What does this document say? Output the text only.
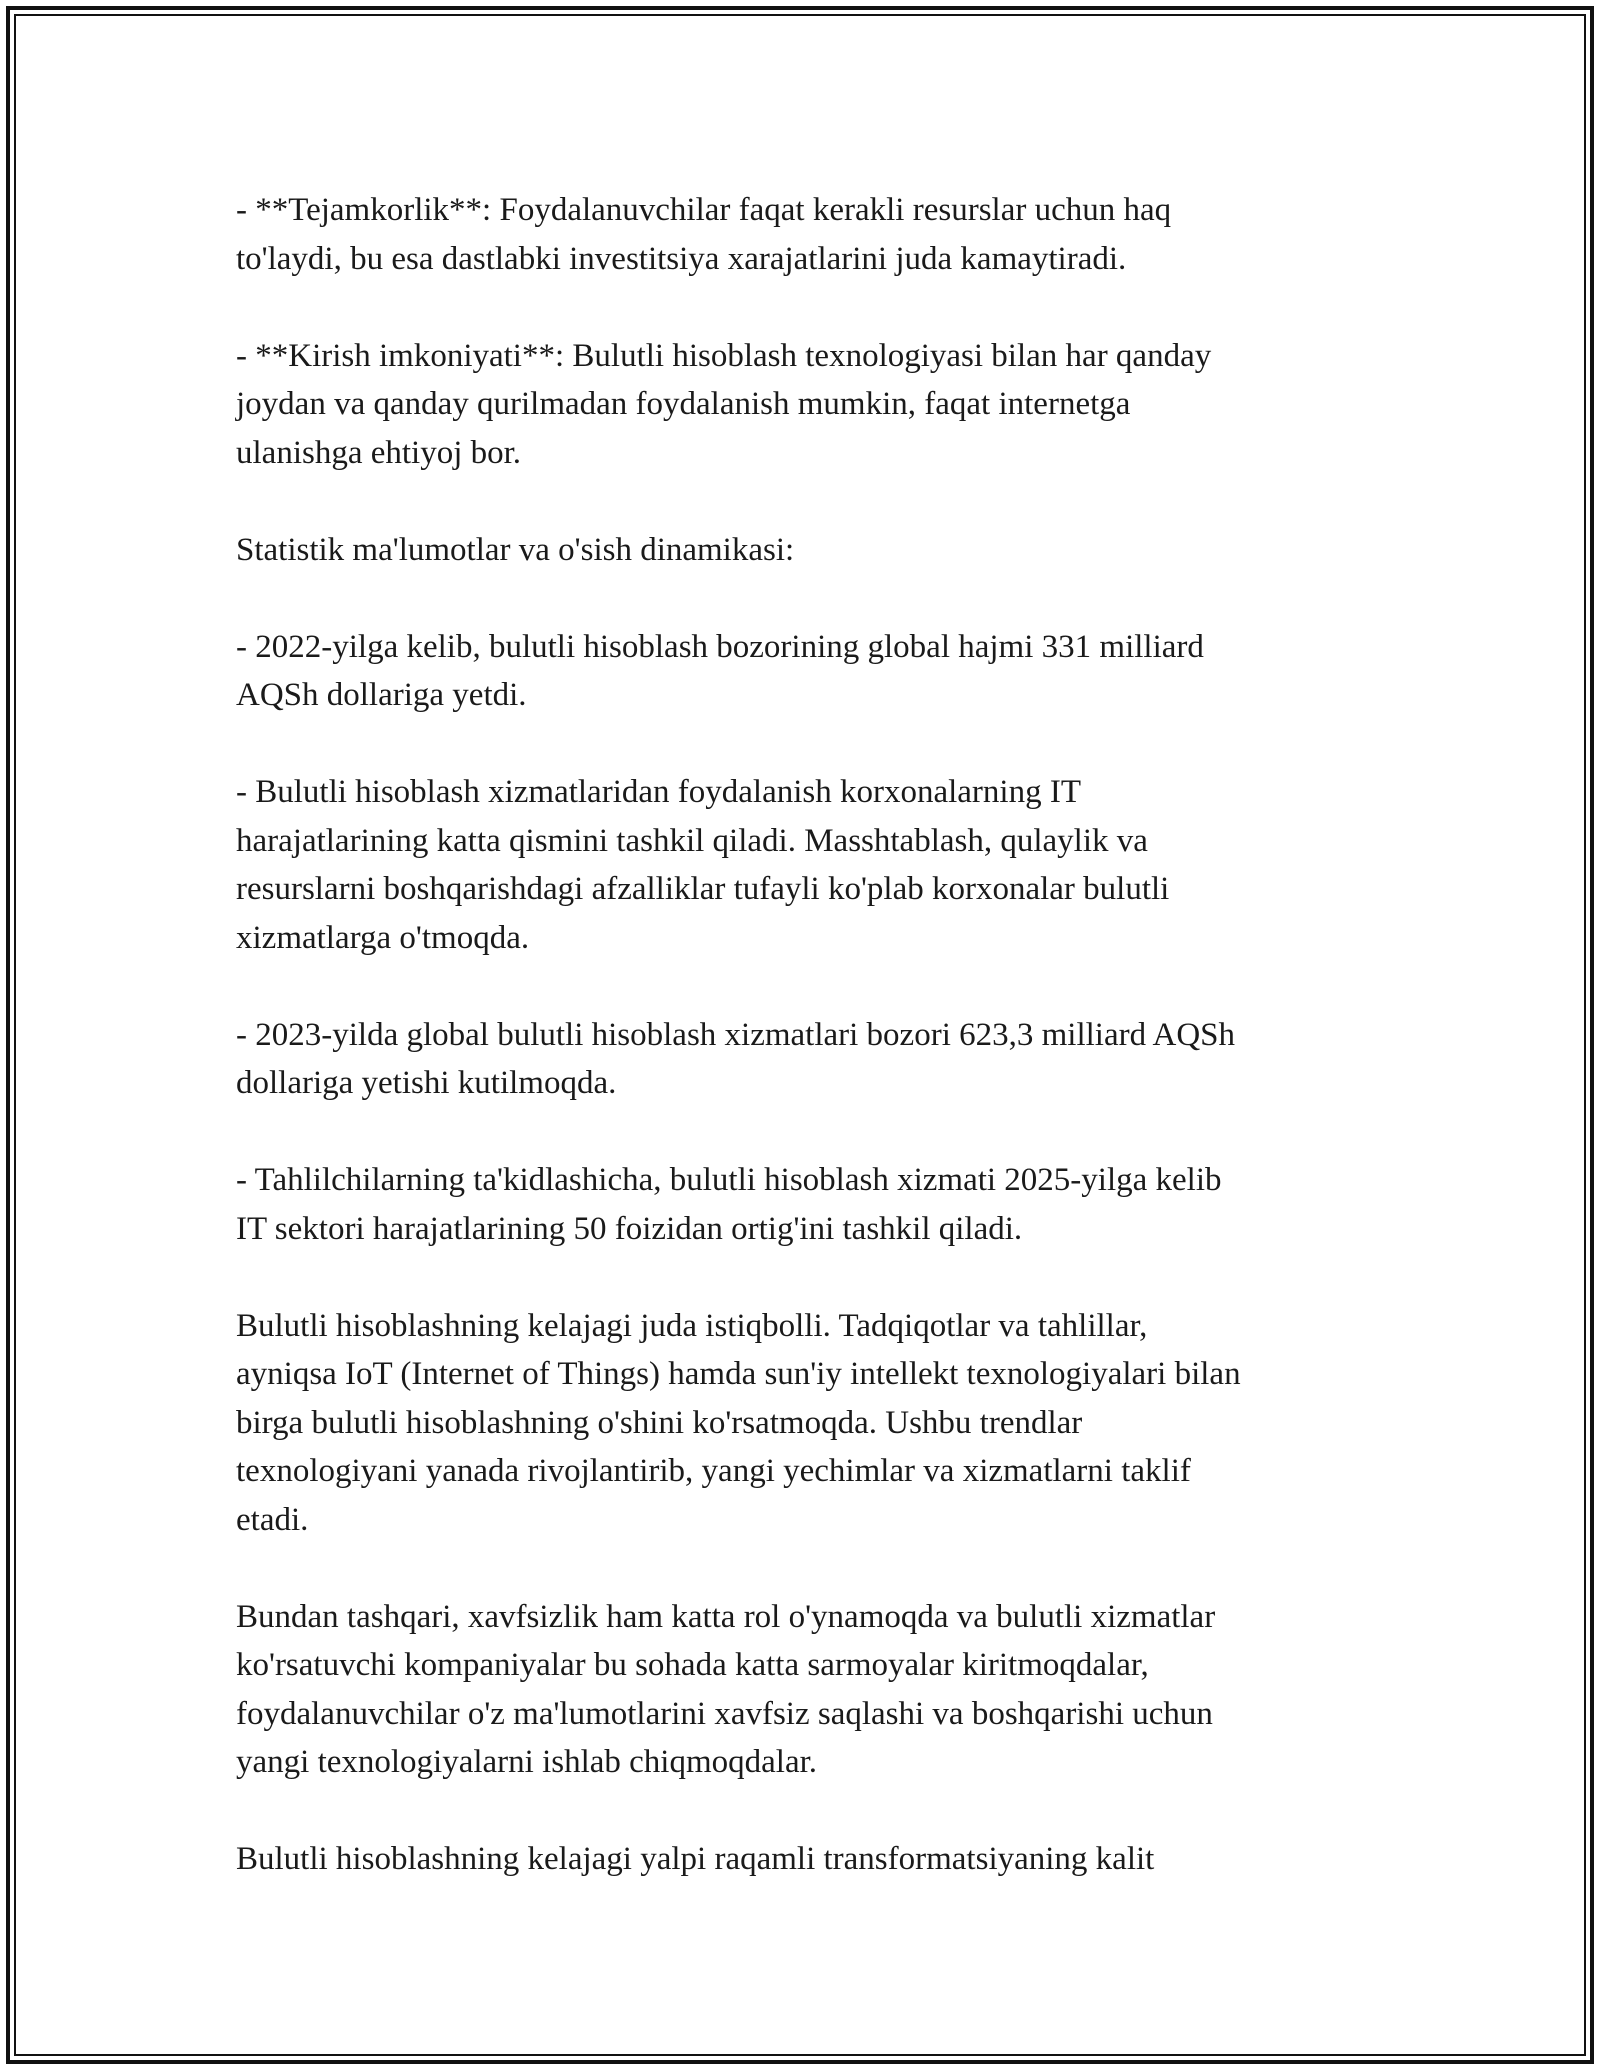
- **Tejamkorlik**: Foydalanuvchilar faqat kerakli resurslar uchun haq
to'laydi, bu esa dastlabki investitsiya xarajatlarini juda kamaytiradi.

- **Kirish imkoniyati**: Bulutli hisoblash texnologiyasi bilan har qanday
joydan va qanday qurilmadan foydalanish mumkin, faqat internetga
ulanishga ehtiyoj bor.

Statistik ma'lumotlar va o'sish dinamikasi:

- 2022-yilga kelib, bulutli hisoblash bozorining global hajmi 331 milliard
AQSh dollariga yetdi.

- Bulutli hisoblash xizmatlaridan foydalanish korxonalarning IT
harajatlarining katta qismini tashkil qiladi. Masshtablash, qulaylik va
resurslarni boshqarishdagi afzalliklar tufayli ko'plab korxonalar bulutli
xizmatlarga o'tmoqda.

- 2023-yilda global bulutli hisoblash xizmatlari bozori 623,3 milliard AQSh
dollariga yetishi kutilmoqda.

- Tahlilchilarning ta'kidlashicha, bulutli hisoblash xizmati 2025-yilga kelib
IT sektori harajatlarining 50 foizidan ortig'ini tashkil qiladi.

Bulutli hisoblashning kelajagi juda istiqbolli. Tadqiqotlar va tahlillar,
ayniqsa IoT (Internet of Things) hamda sun'iy intellekt texnologiyalari bilan
birga bulutli hisoblashning o'shini ko'rsatmoqda. Ushbu trendlar
texnologiyani yanada rivojlantirib, yangi yechimlar va xizmatlarni taklif
etadi.

Bundan tashqari, xavfsizlik ham katta rol o'ynamoqda va bulutli xizmatlar
ko'rsatuvchi kompaniyalar bu sohada katta sarmoyalar kiritmoqdalar,
foydalanuvchilar o'z ma'lumotlarini xavfsiz saqlashi va boshqarishi uchun
yangi texnologiyalarni ishlab chiqmoqdalar.

Bulutli hisoblashning kelajagi yalpi raqamli transformatsiyaning kalit
